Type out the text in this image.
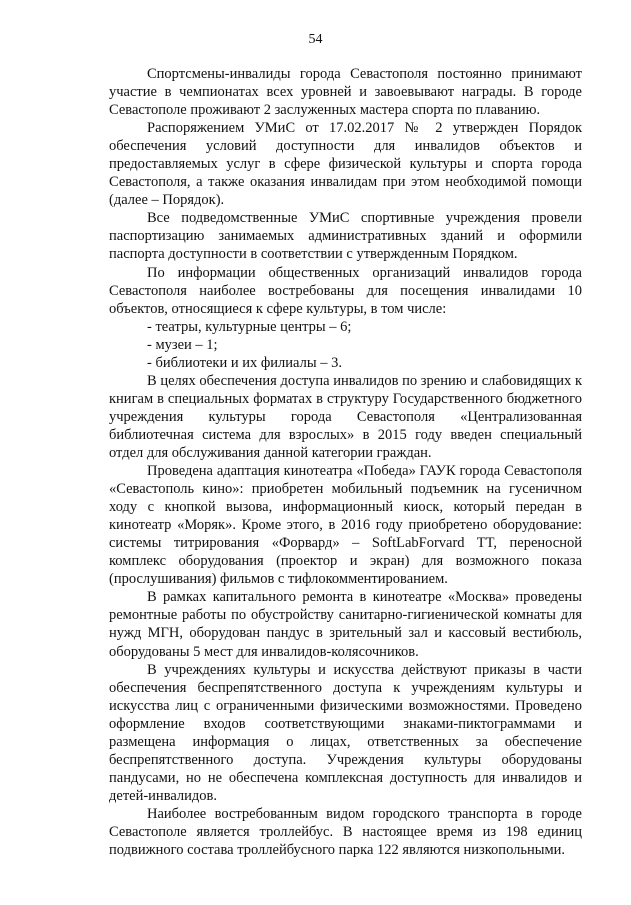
54

Спортсмены-инвалиды города Севастополя постоянно принимают участие в чемпионатах всех уровней и завоевывают награды. В городе Севастополе проживают 2 заслуженных мастера спорта по плаванию.

Распоряжением УМиС от 17.02.2017 № 2 утвержден Порядок обеспечения условий доступности для инвалидов объектов и предоставляемых услуг в сфере физической культуры и спорта города Севастополя, а также оказания инвалидам при этом необходимой помощи (далее – Порядок).

Все подведомственные УМиС спортивные учреждения провели паспортизацию занимаемых административных зданий и оформили паспорта доступности в соответствии с утвержденным Порядком.

По информации общественных организаций инвалидов города Севастополя наиболее востребованы для посещения инвалидами 10 объектов, относящиеся к сфере культуры, в том числе:

- театры, культурные центры – 6;

- музеи – 1;

- библиотеки и их филиалы – 3.

В целях обеспечения доступа инвалидов по зрению и слабовидящих к книгам в специальных форматах в структуру Государственного бюджетного учреждения культуры города Севастополя «Централизованная библиотечная система для взрослых» в 2015 году введен специальный отдел для обслуживания данной категории граждан.

Проведена адаптация кинотеатра «Победа» ГАУК города Севастополя «Севастополь кино»: приобретен мобильный подъемник на гусеничном ходу с кнопкой вызова, информационный киоск, который передан в кинотеатр «Моряк». Кроме этого, в 2016 году приобретено оборудование: системы титрирования «Форвард» – SoftLabForvard TT, переносной комплекс оборудования (проектор и экран) для возможного показа (прослушивания) фильмов с тифлокомментированием.

В рамках капитального ремонта в кинотеатре «Москва» проведены ремонтные работы по обустройству санитарно-гигиенической комнаты для нужд МГН, оборудован пандус в зрительный зал и кассовый вестибюль, оборудованы 5 мест для инвалидов-колясочников.

В учреждениях культуры и искусства действуют приказы в части обеспечения беспрепятственного доступа к учреждениям культуры и искусства лиц с ограниченными физическими возможностями. Проведено оформление входов соответствующими знаками-пиктограммами и размещена информация о лицах, ответственных за обеспечение беспрепятственного доступа. Учреждения культуры оборудованы пандусами, но не обеспечена комплексная доступность для инвалидов и детей-инвалидов.

Наиболее востребованным видом городского транспорта в городе Севастополе является троллейбус. В настоящее время из 198 единиц подвижного состава троллейбусного парка 122 являются низкопольными.
